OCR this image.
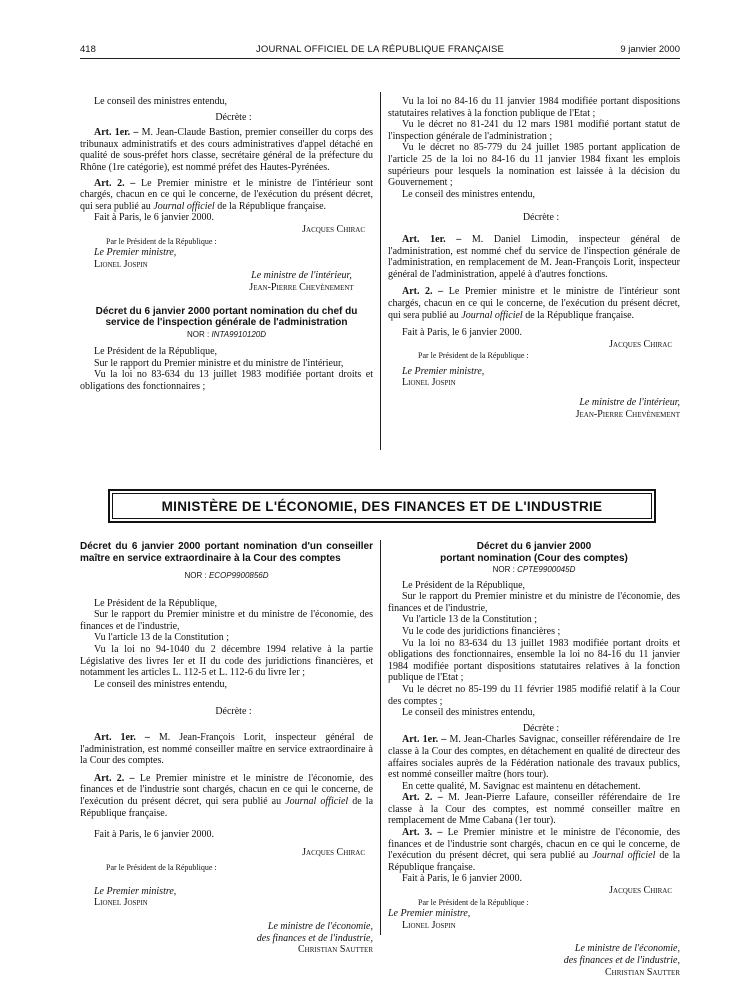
418	JOURNAL OFFICIEL DE LA RÉPUBLIQUE FRANÇAISE	9 janvier 2000

Le conseil des ministres entendu,

Décrète :

Art. 1er. – M. Jean-Claude Bastion, premier conseiller du corps des tribunaux administratifs et des cours administratives d'appel détaché en qualité de sous-préfet hors classe, secrétaire général de la préfecture du Rhône (1re catégorie), est nommé préfet des Hautes-Pyrénées.

Art. 2. – Le Premier ministre et le ministre de l'intérieur sont chargés, chacun en ce qui le concerne, de l'exécution du présent décret, qui sera publié au Journal officiel de la République française.

Fait à Paris, le 6 janvier 2000.

Jacques Chirac

Par le Président de la République :

Le Premier ministre,

Lionel Jospin

Le ministre de l'intérieur,

Jean-Pierre Chevènement

Décret du 6 janvier 2000 portant nomination du chef du service de l'inspection générale de l'administration

NOR : INTA9910120D

Le Président de la République,

Sur le rapport du Premier ministre et du ministre de l'intérieur,

Vu la loi no 83-634 du 13 juillet 1983 modifiée portant droits et obligations des fonctionnaires ;

Vu la loi no 84-16 du 11 janvier 1984 modifiée portant dispositions statutaires relatives à la fonction publique de l'Etat ;

Vu le décret no 81-241 du 12 mars 1981 modifié portant statut de l'inspection générale de l'administration ;

Vu le décret no 85-779 du 24 juillet 1985 portant application de l'article 25 de la loi no 84-16 du 11 janvier 1984 fixant les emplois supérieurs pour lesquels la nomination est laissée à la décision du Gouvernement ;

Le conseil des ministres entendu,

Décrète :

Art. 1er. – M. Daniel Limodin, inspecteur général de l'administration, est nommé chef du service de l'inspection générale de l'administration, en remplacement de M. Jean-François Lorit, inspecteur général de l'administration, appelé à d'autres fonctions.

Art. 2. – Le Premier ministre et le ministre de l'intérieur sont chargés, chacun en ce qui le concerne, de l'exécution du présent décret, qui sera publié au Journal officiel de la République française.

Fait à Paris, le 6 janvier 2000.

Jacques Chirac

Par le Président de la République :

Le Premier ministre,

Lionel Jospin

Le ministre de l'intérieur,

Jean-Pierre Chevènement

MINISTÈRE DE L'ÉCONOMIE, DES FINANCES ET DE L'INDUSTRIE

Décret du 6 janvier 2000 portant nomination d'un conseiller maître en service extraordinaire à la Cour des comptes

NOR : ECOP9900856D

Le Président de la République,

Sur le rapport du Premier ministre et du ministre de l'économie, des finances et de l'industrie,

Vu l'article 13 de la Constitution ;

Vu la loi no 94-1040 du 2 décembre 1994 relative à la partie Législative des livres Ier et II du code des juridictions financières, et notamment les articles L. 112-5 et L. 112-6 du livre Ier ;

Le conseil des ministres entendu,

Décrète :

Art. 1er. – M. Jean-François Lorit, inspecteur général de l'administration, est nommé conseiller maître en service extraordinaire à la Cour des comptes.

Art. 2. – Le Premier ministre et le ministre de l'économie, des finances et de l'industrie sont chargés, chacun en ce qui le concerne, de l'exécution du présent décret, qui sera publié au Journal officiel de la République française.

Fait à Paris, le 6 janvier 2000.

Jacques Chirac

Par le Président de la République :

Le Premier ministre,

Lionel Jospin

Le ministre de l'économie,

des finances et de l'industrie,

Christian Sautter

Décret du 6 janvier 2000

portant nomination (Cour des comptes)

NOR : CPTE9900045D

Le Président de la République,

Sur le rapport du Premier ministre et du ministre de l'économie, des finances et de l'industrie,

Vu l'article 13 de la Constitution ;

Vu le code des juridictions financières ;

Vu la loi no 83-634 du 13 juillet 1983 modifiée portant droits et obligations des fonctionnaires, ensemble la loi no 84-16 du 11 janvier 1984 modifiée portant dispositions statutaires relatives à la fonction publique de l'Etat ;

Vu le décret no 85-199 du 11 février 1985 modifié relatif à la Cour des comptes ;

Le conseil des ministres entendu,

Décrète :

Art. 1er. – M. Jean-Charles Savignac, conseiller référendaire de 1re classe à la Cour des comptes, en détachement en qualité de directeur des affaires sociales auprès de la Fédération nationale des travaux publics, est nommé conseiller maître (hors tour).

En cette qualité, M. Savignac est maintenu en détachement.

Art. 2. – M. Jean-Pierre Lafaure, conseiller référendaire de 1re classe à la Cour des comptes, est nommé conseiller maître en remplacement de Mme Cabana (1er tour).

Art. 3. – Le Premier ministre et le ministre de l'économie, des finances et de l'industrie sont chargés, chacun en ce qui le concerne, de l'exécution du présent décret, qui sera publié au Journal officiel de la République française.

Fait à Paris, le 6 janvier 2000.

Jacques Chirac

Par le Président de la République :

Le Premier ministre,

Lionel Jospin

Le ministre de l'économie,

des finances et de l'industrie,

Christian Sautter
